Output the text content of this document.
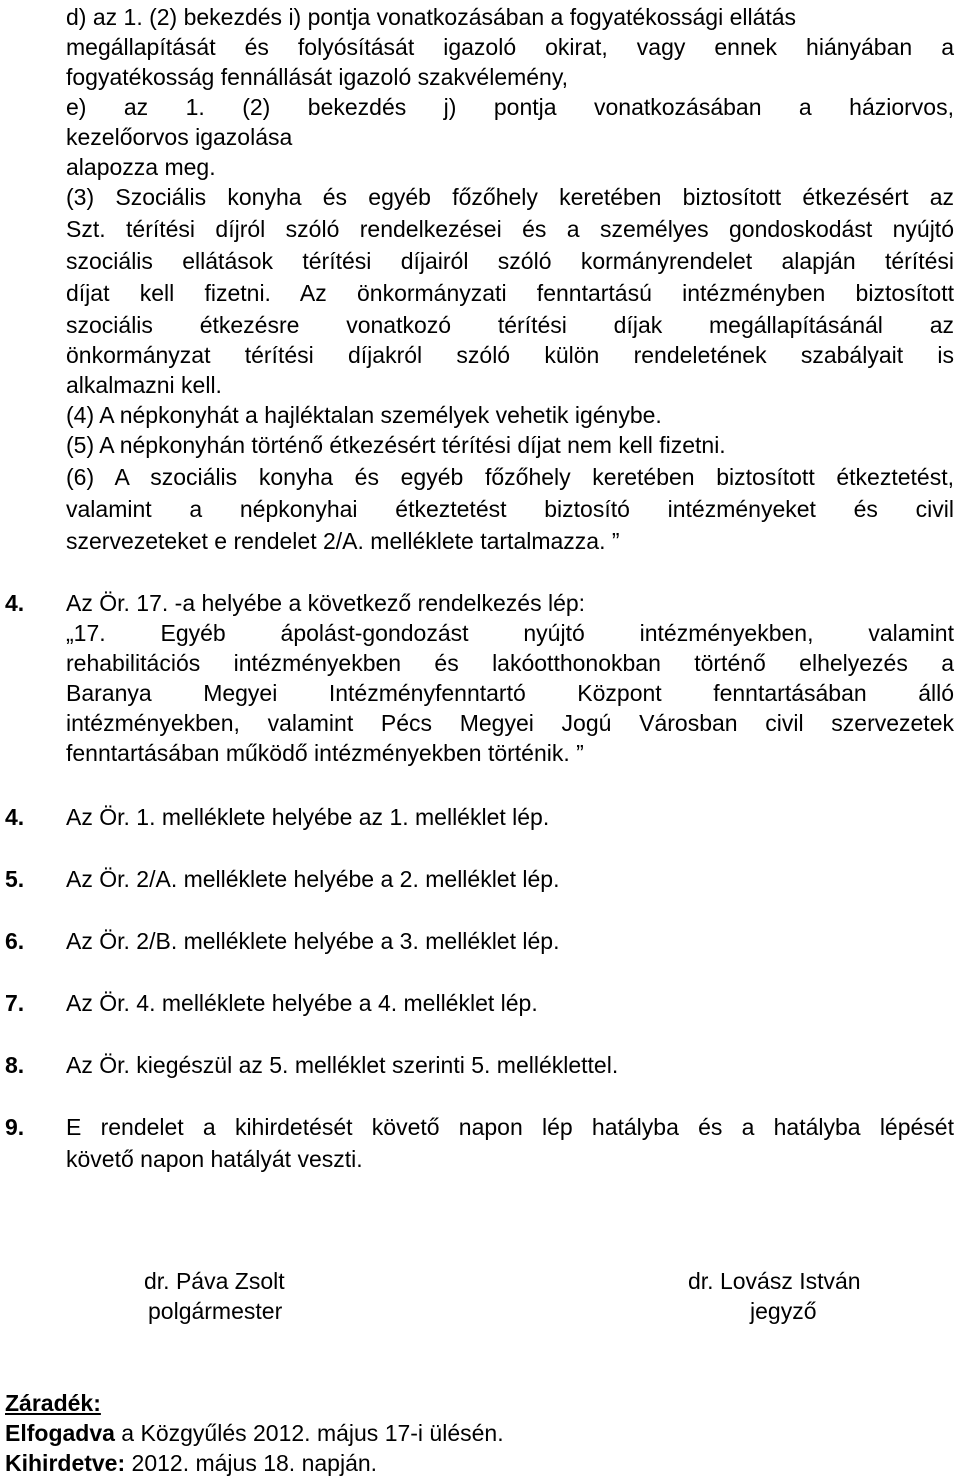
d) az 1. (2) bekezdés i) pontja vonatkozásában a fogyatékossági ellátás
megállapítását és folyósítását igazoló okirat, vagy ennek hiányában a
fogyatékosság fennállását igazoló szakvélemény,
e) az 1. (2) bekezdés j) pontja vonatkozásában a háziorvos,
kezelőorvos igazolása
alapozza meg.
(3) Szociális konyha és egyéb főzőhely keretében biztosított étkezésért az
Szt. térítési díjról szóló rendelkezései és a személyes gondoskodást nyújtó
szociális ellátások térítési díjairól szóló kormányrendelet alapján térítési
díjat kell fizetni. Az önkormányzati fenntartású intézményben biztosított
szociális étkezésre vonatkozó térítési díjak megállapításánál az
önkormányzat térítési díjakról szóló külön rendeletének szabályait is
alkalmazni kell.
(4) A népkonyhát a hajléktalan személyek vehetik igénybe.
(5) A népkonyhán történő étkezésért térítési díjat nem kell fizetni.
(6) A szociális konyha és egyéb főzőhely keretében biztosított étkeztetést,
valamint a népkonyhai étkeztetést biztosító intézményeket és civil
szervezeteket e rendelet 2/A. melléklete tartalmazza. ”
4. Az Ör. 17. -a helyébe a következő rendelkezés lép:
„17. Egyéb ápolást-gondozást nyújtó intézményekben, valamint
rehabilitációs intézményekben és lakóotthonokban történő elhelyezés a
Baranya Megyei Intézményfenntartó Központ fenntartásában álló
intézményekben, valamint Pécs Megyei Jogú Városban civil szervezetek
fenntartásában működő intézményekben történik. ”
4. Az Ör. 1. melléklete helyébe az 1. melléklet lép.
5. Az Ör. 2/A. melléklete helyébe a 2. melléklet lép.
6. Az Ör. 2/B. melléklete helyébe a 3. melléklet lép.
7. Az Ör. 4. melléklete helyébe a 4. melléklet lép.
8. Az Ör. kiegészül az 5. melléklet szerinti 5. melléklettel.
9. E rendelet a kihirdetését követő napon lép hatályba és a hatályba lépését
követő napon hatályát veszti.
dr. Páva Zsolt
polgármester
dr. Lovász István
jegyző
Záradék:
Elfogadva a Közgyűlés 2012. május 17-i ülésén.
Kihirdetve: 2012. május 18. napján.
